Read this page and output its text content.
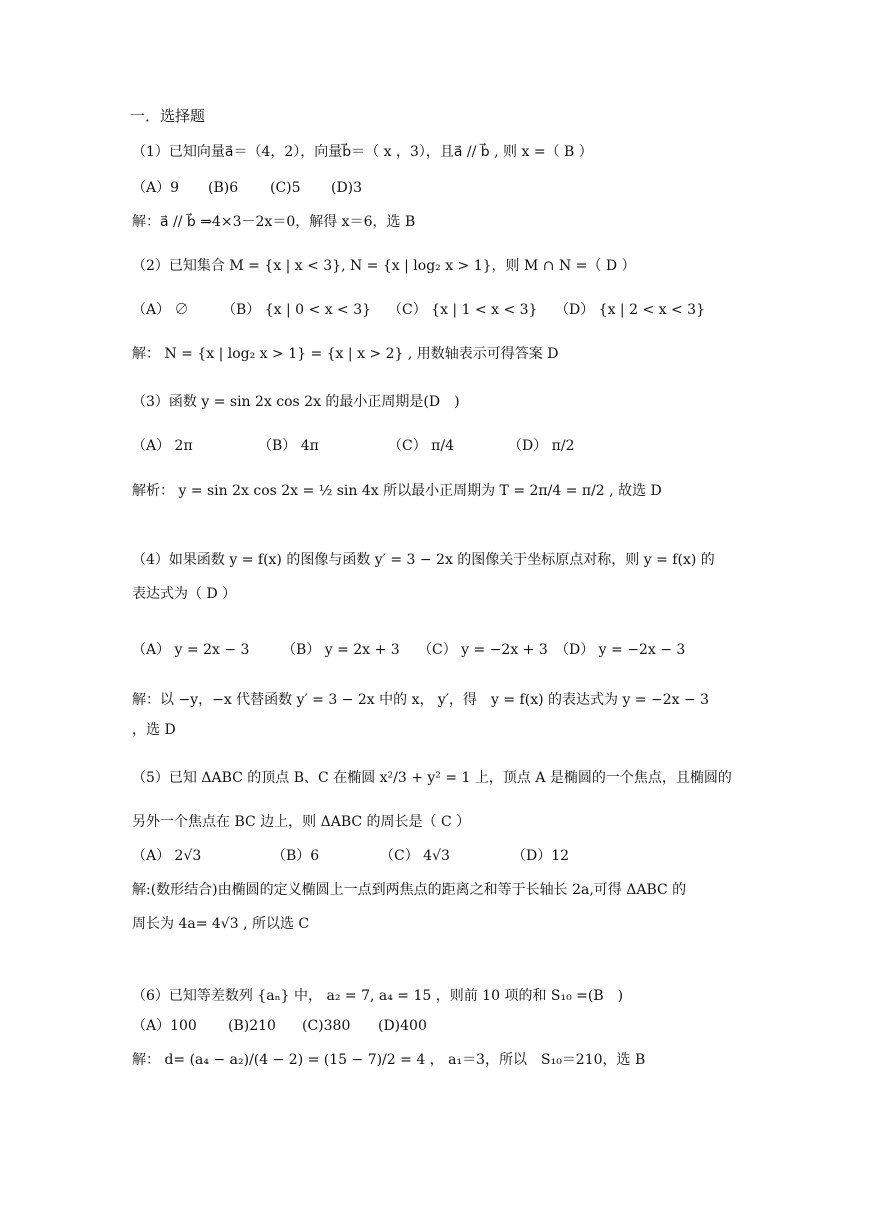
一．选择题
（1）已知向量a⃗＝（4，2），向量b⃗＝（ x ，3），且a⃗ // b⃗ , 则 x =（ B ）
（A）9 (B)6 (C)5 (D)3
解：a⃗ // b⃗ ⇒4×3－2x＝0，解得 x＝6，选 B
（2）已知集合 M = {x | x < 3}, N = {x | log₂ x > 1}，则 M ∩ N =（ D ）
（A） ∅ （B） {x | 0 < x < 3} （C） {x | 1 < x < 3} （D） {x | 2 < x < 3}
解： N = {x | log₂ x > 1} = {x | x > 2} , 用数轴表示可得答案 D
（3）函数 y = sin 2x cos 2x 的最小正周期是(D　)
（A） 2π	（B） 4π	（C） π/4	（D） π/2
解析： y = sin 2x cos 2x = ½ sin 4x 所以最小正周期为 T = 2π/4 = π/2 , 故选 D
（4）如果函数 y = f(x) 的图像与函数 y′ = 3 − 2x 的图像关于坐标原点对称，则 y = f(x) 的
表达式为（ D ）
（A） y = 2x − 3 （B） y = 2x + 3 （C） y = −2x + 3 （D） y = −2x − 3
解：以 −y，−x 代替函数 y′ = 3 − 2x 中的 x， y′，得　y = f(x) 的表达式为 y = −2x − 3
，选 D
（5）已知 ΔABC 的顶点 B、C 在椭圆 x²/3 + y² = 1 上，顶点 A 是椭圆的一个焦点，且椭圆的
另外一个焦点在 BC 边上，则 ΔABC 的周长是（ C ）
（A） 2√3	（B）6	（C） 4√3	（D）12
解:(数形结合)由椭圆的定义椭圆上一点到两焦点的距离之和等于长轴长 2a,可得 ΔABC 的
周长为 4a= 4√3 , 所以选 C
（6）已知等差数列 {aₙ} 中， a₂ = 7, a₄ = 15 ，则前 10 项的和 S₁₀ =(B　)
（A）100 (B)210 (C)380 (D)400
解： d= (a₄ − a₂)/(4 − 2) = (15 − 7)/2 = 4 ， a₁＝3，所以　S₁₀＝210，选 B
